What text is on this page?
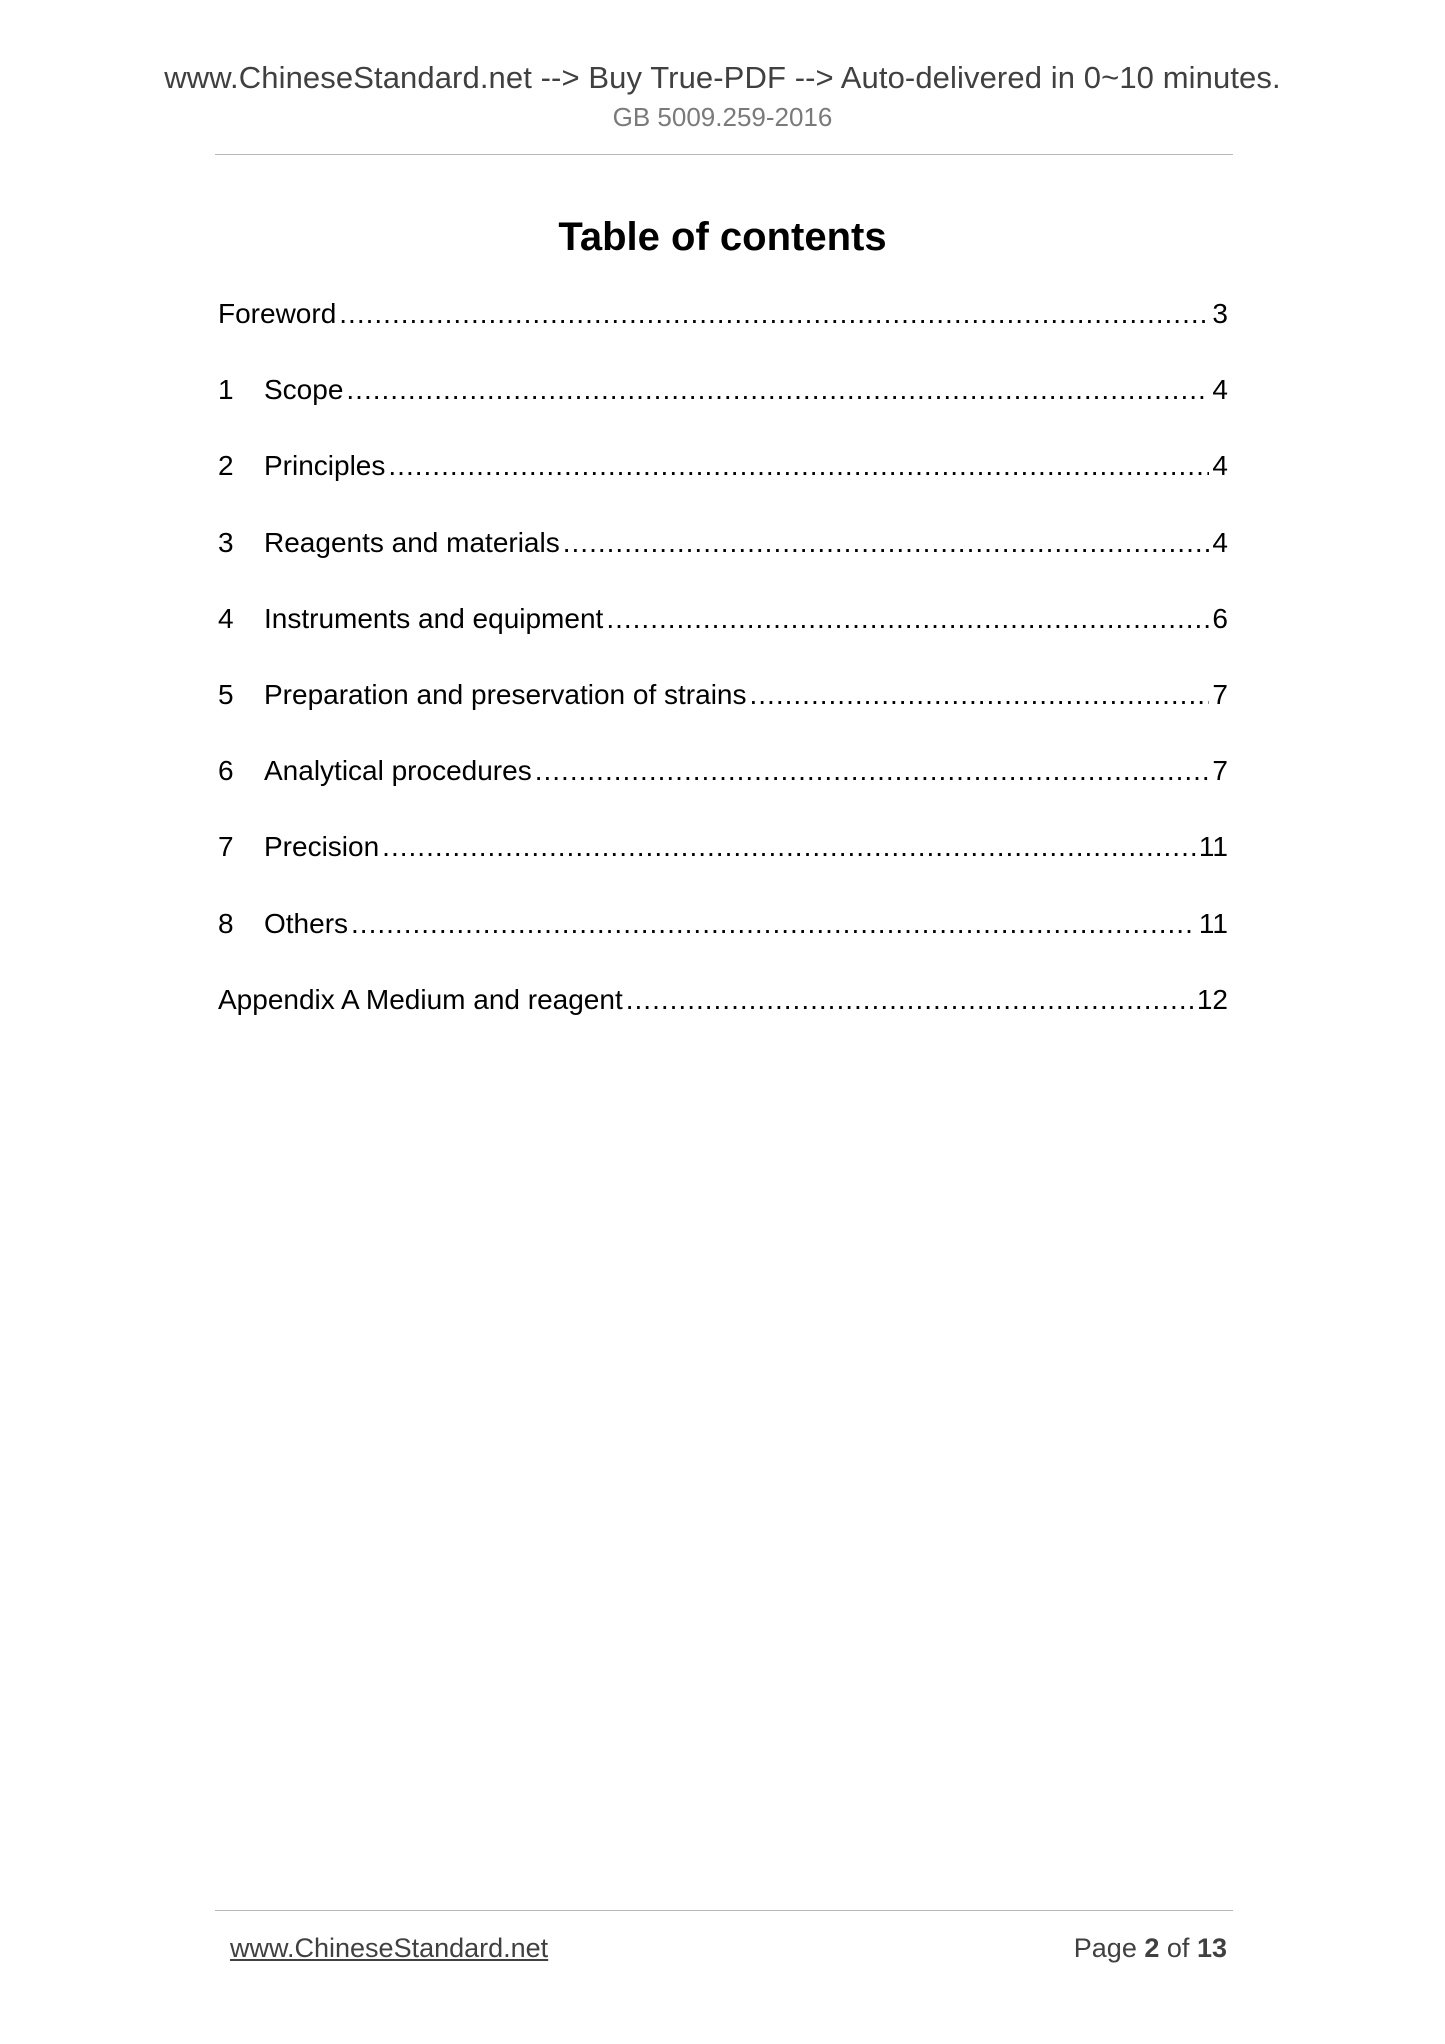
www.ChineseStandard.net --> Buy True-PDF --> Auto-delivered in 0~10 minutes.
GB 5009.259-2016
Table of contents
Foreword .....	3
1	Scope .....	4
2	Principles .....	4
3	Reagents and materials .....	4
4	Instruments and equipment .....	6
5	Preparation and preservation of strains .....	7
6	Analytical procedures .....	7
7	Precision .....	11
8	Others .....	11
Appendix A Medium and reagent .....	12
www.ChineseStandard.net	Page 2 of 13
